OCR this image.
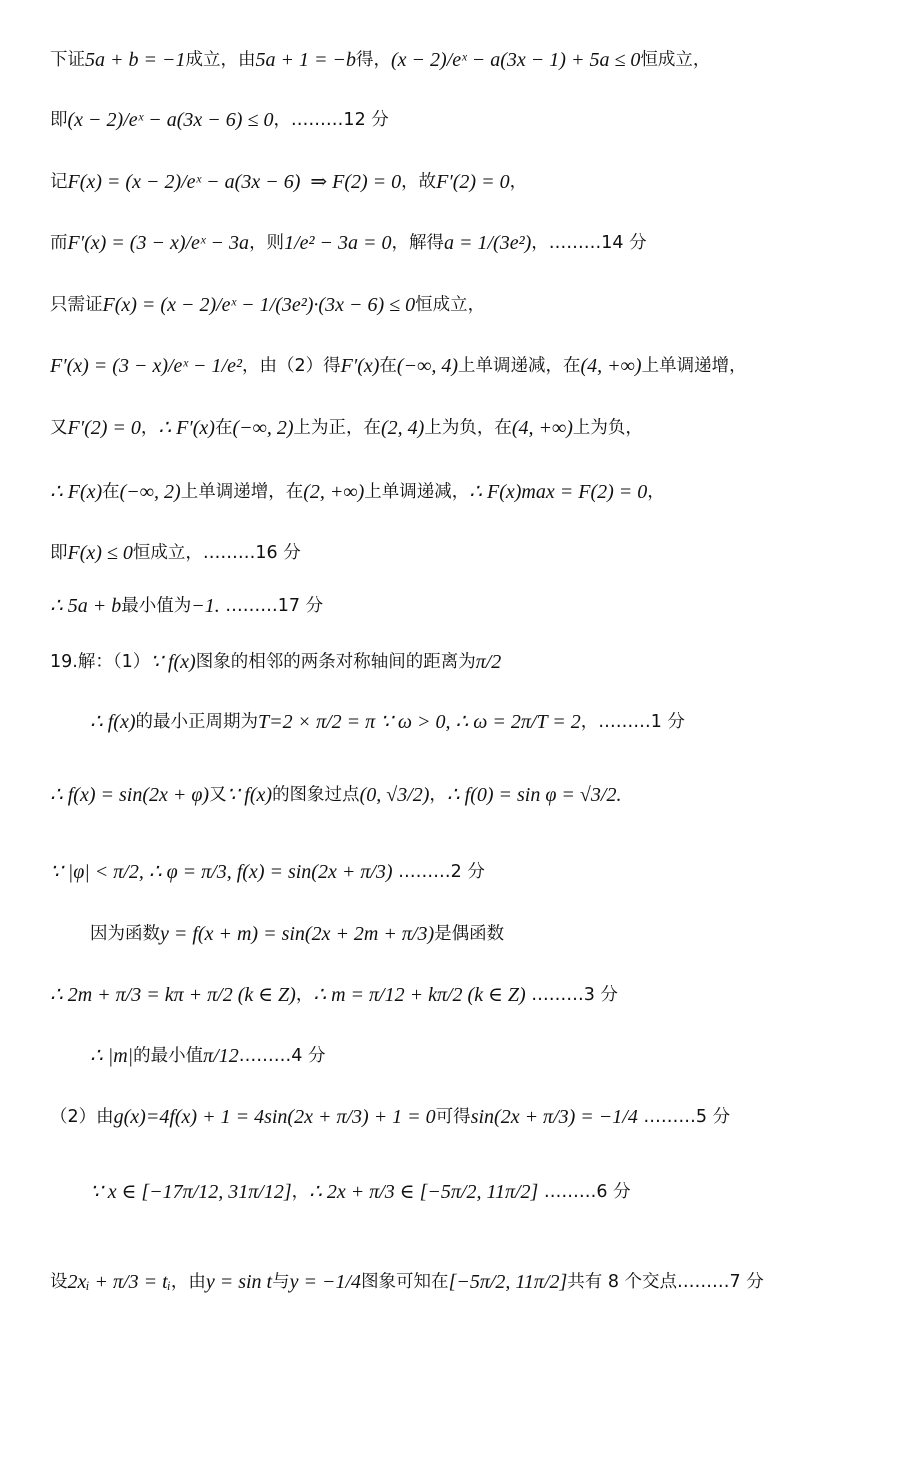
下证 5a + b = −1 成立，由 5a + 1 = −b 得， (x − 2)/eˣ − a(3x − 1) + 5a ≤ 0 恒成立，
即 (x − 2)/eˣ − a(3x − 6) ≤ 0 ，………12 分
记 F(x) = (x − 2)/eˣ − a(3x − 6)  ⇒ F(2) = 0 ，故 F′(2) = 0 ，
而 F′(x) = (3 − x)/eˣ − 3a ，则 1/e² − 3a = 0 ，解得 a = 1/(3e²) ，………14 分
只需证 F(x) = (x − 2)/eˣ − 1/(3e²)·(3x − 6) ≤ 0 恒成立，
F′(x) = (3 − x)/eˣ − 1/e² ，由（2）得 F′(x) 在 (−∞, 4) 上单调递减，在 (4, +∞) 上单调递增，
又 F′(2) = 0 ， ∴ F′(x) 在 (−∞, 2) 上为正，在 (2, 4) 上为负，在 (4, +∞) 上为负，
∴ F(x) 在 (−∞, 2) 上单调递增，在 (2, +∞) 上单调递减， ∴ F(x)max = F(2) = 0 ，
即 F(x) ≤ 0 恒成立，………16 分
∴ 5a + b 最小值为 −1. ………17 分
19.解：（1） ∵ f(x) 图象的相邻的两条对称轴间的距离为 π/2
∴ f(x) 的最小正周期为 T=2 × π/2 = π ∵ ω > 0, ∴ ω = 2π/T = 2 ，………1 分
∴ f(x) = sin(2x + φ) 又 ∵ f(x) 的图象过点 (0, √3/2) ， ∴ f(0) = sin φ = √3/2.
∵ |φ| < π/2, ∴ φ = π/3, f(x) = sin(2x + π/3) ………2 分
因为函数 y = f(x + m) = sin(2x + 2m + π/3) 是偶函数
∴ 2m + π/3 = kπ + π/2 (k ∈ Z) ， ∴ m = π/12 + kπ/2 (k ∈ Z) ………3 分
∴ |m| 的最小值 π/12 ………4 分
（2）由 g(x)=4f(x) + 1 = 4sin(2x + π/3) + 1 = 0 可得 sin(2x + π/3) = −1/4 ………5 分
∵ x ∈ [−17π/12, 31π/12] ， ∴ 2x + π/3 ∈ [−5π/2, 11π/2] ………6 分
设 2xᵢ + π/3 = tᵢ ，由 y = sin t 与 y = −1/4 图象可知在 [−5π/2, 11π/2] 共有 8 个交点………7 分
